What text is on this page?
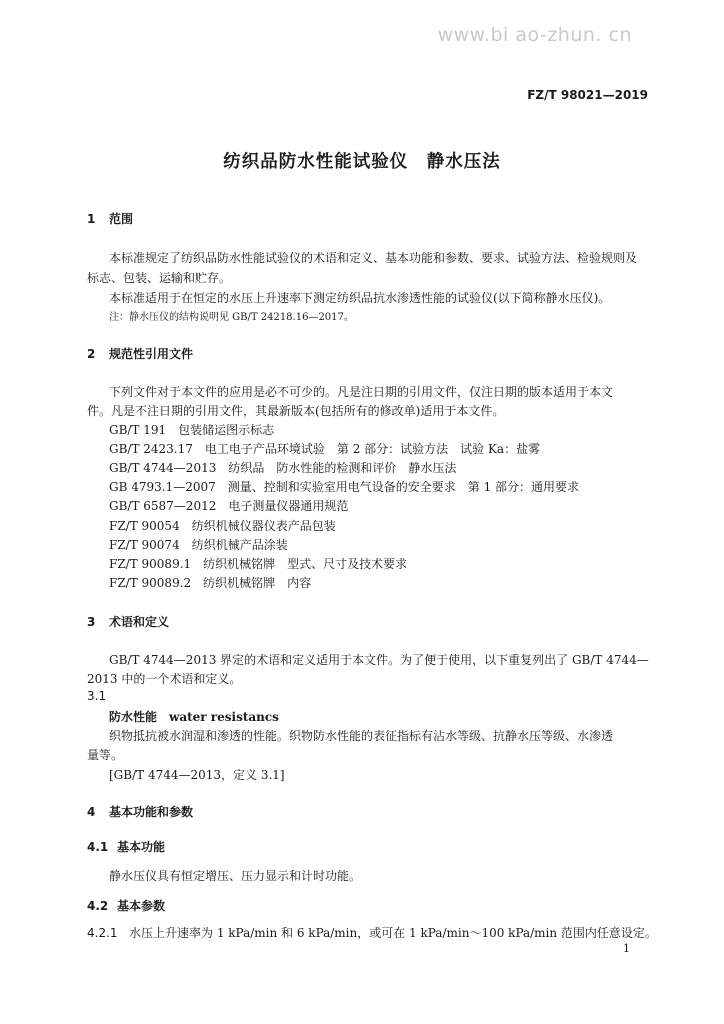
www.bi ao-zhun. cn
FZ/T 98021—2019
纺织品防水性能试验仪　静水压法
1 范围
本标准规定了纺织品防水性能试验仪的术语和定义、基本功能和参数、要求、试验方法、检验规则及
标志、包装、运输和贮存。
本标准适用于在恒定的水压上升速率下测定纺织品抗水渗透性能的试验仪(以下简称静水压仪)。
注：静水压仪的结构说明见 GB/T 24218.16—2017。
2 规范性引用文件
下列文件对于本文件的应用是必不可少的。凡是注日期的引用文件，仅注日期的版本适用于本文
件。凡是不注日期的引用文件，其最新版本(包括所有的修改单)适用于本文件。
GB/T 191　包装储运图示标志
GB/T 2423.17　电工电子产品环境试验　第 2 部分：试验方法　试验 Ka：盐雾
GB/T 4744—2013　纺织品　防水性能的检测和评价　静水压法
GB 4793.1—2007　测量、控制和实验室用电气设备的安全要求　第 1 部分：通用要求
GB/T 6587—2012　电子测量仪器通用规范
FZ/T 90054　纺织机械仪器仪表产品包装
FZ/T 90074　纺织机械产品涂装
FZ/T 90089.1　纺织机械铭牌　型式、尺寸及技术要求
FZ/T 90089.2　纺织机械铭牌　内容
3 术语和定义
GB/T 4744—2013 界定的术语和定义适用于本文件。为了便于使用，以下重复列出了 GB/T 4744—
2013 中的一个术语和定义。
3.1
防水性能 water resistancs
织物抵抗被水润湿和渗透的性能。织物防水性能的表征指标有沾水等级、抗静水压等级、水渗透
量等。
[GB/T 4744—2013，定义 3.1]
4 基本功能和参数
4.1 基本功能
静水压仪具有恒定增压、压力显示和计时功能。
4.2 基本参数
4.2.1 水压上升速率为 1 kPa/min 和 6 kPa/min，或可在 1 kPa/min～100 kPa/min 范围内任意设定。
1
